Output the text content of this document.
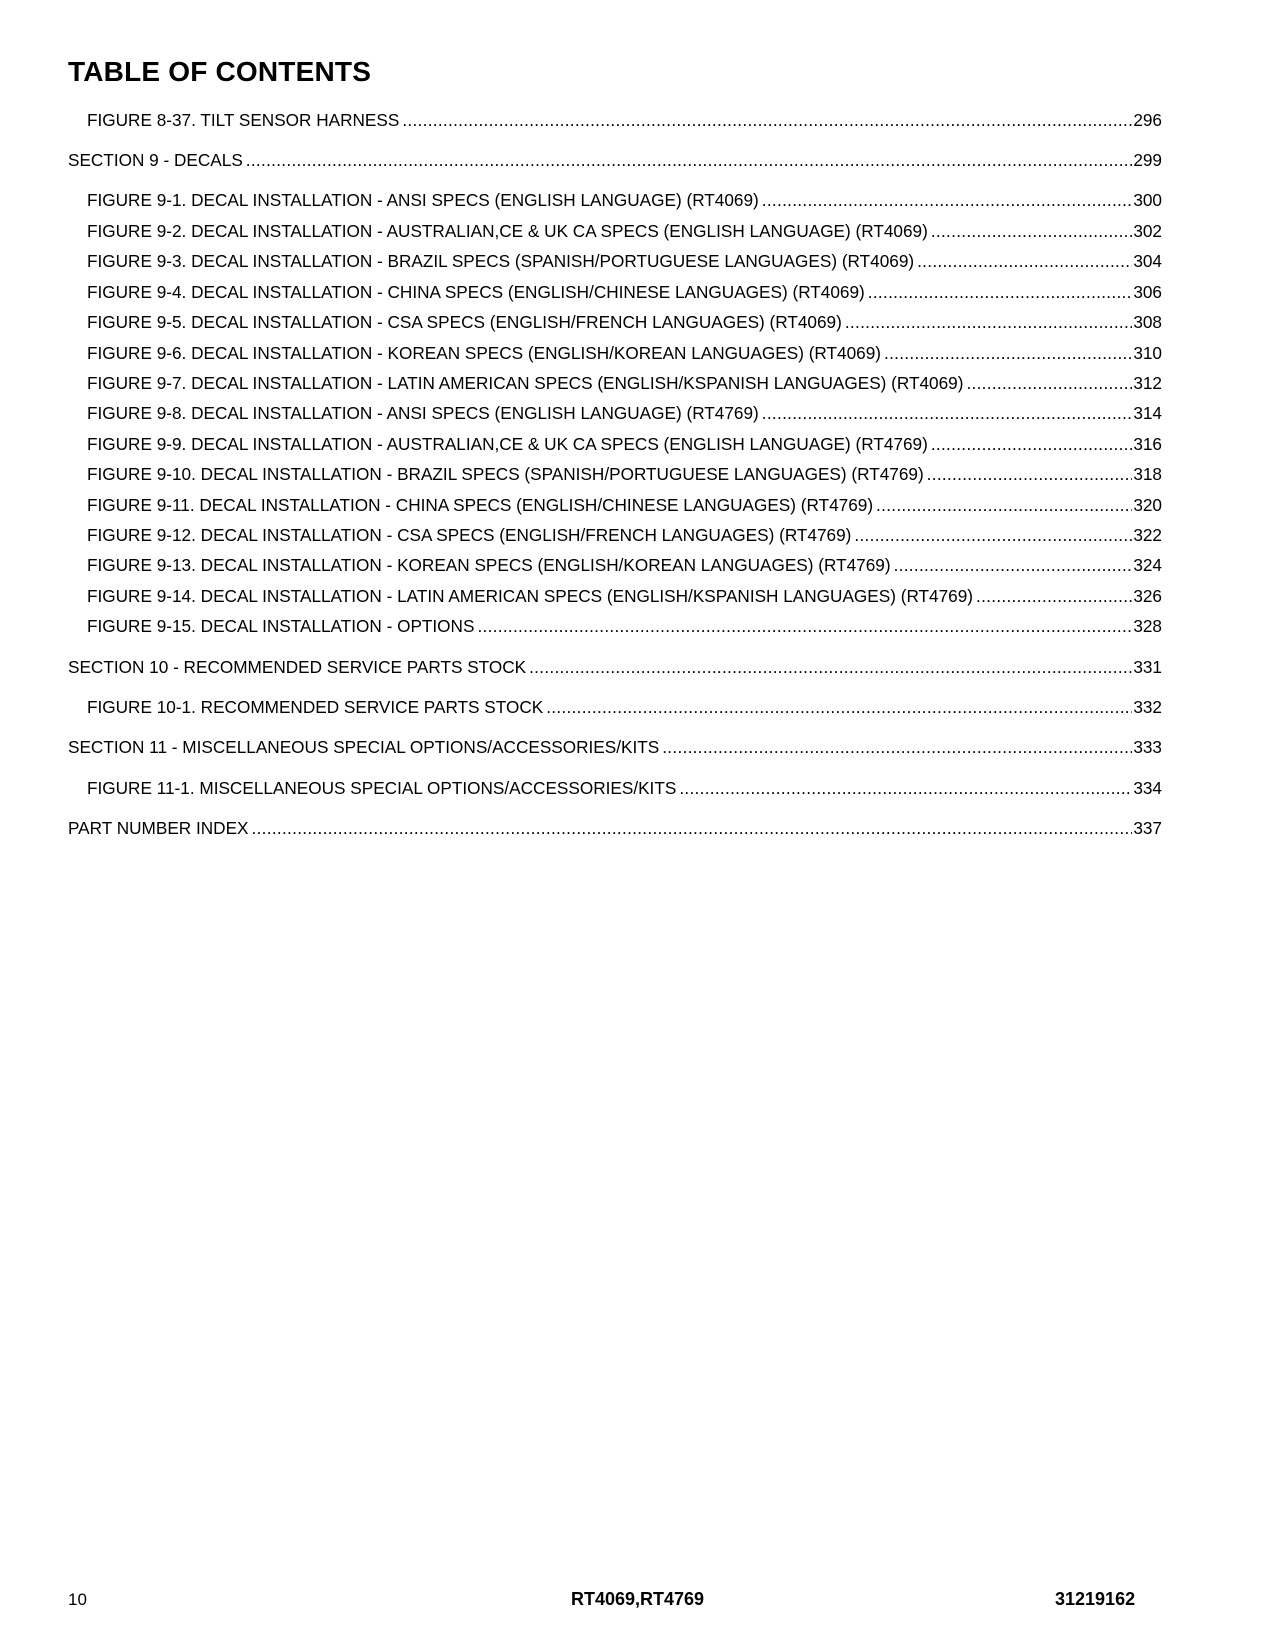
TABLE OF CONTENTS
FIGURE 8-37. TILT SENSOR HARNESS .....	296
SECTION 9 - DECALS .....	299
FIGURE 9-1. DECAL INSTALLATION - ANSI SPECS (ENGLISH LANGUAGE) (RT4069) .....	300
FIGURE 9-2. DECAL INSTALLATION - AUSTRALIAN,CE & UK CA SPECS (ENGLISH LANGUAGE) (RT4069) .....	302
FIGURE 9-3. DECAL INSTALLATION - BRAZIL SPECS (SPANISH/PORTUGUESE LANGUAGES) (RT4069) .....	304
FIGURE 9-4. DECAL INSTALLATION - CHINA SPECS (ENGLISH/CHINESE LANGUAGES) (RT4069) .....	306
FIGURE 9-5. DECAL INSTALLATION - CSA SPECS (ENGLISH/FRENCH LANGUAGES) (RT4069) .....	308
FIGURE 9-6. DECAL INSTALLATION - KOREAN SPECS (ENGLISH/KOREAN LANGUAGES) (RT4069) .....	310
FIGURE 9-7. DECAL INSTALLATION - LATIN AMERICAN SPECS (ENGLISH/KSPANISH LANGUAGES) (RT4069) .....	312
FIGURE 9-8. DECAL INSTALLATION - ANSI SPECS (ENGLISH LANGUAGE) (RT4769) .....	314
FIGURE 9-9. DECAL INSTALLATION - AUSTRALIAN,CE & UK CA SPECS (ENGLISH LANGUAGE) (RT4769) .....	316
FIGURE 9-10. DECAL INSTALLATION - BRAZIL SPECS (SPANISH/PORTUGUESE LANGUAGES) (RT4769) .....	318
FIGURE 9-11. DECAL INSTALLATION - CHINA SPECS (ENGLISH/CHINESE LANGUAGES) (RT4769) .....	320
FIGURE 9-12. DECAL INSTALLATION - CSA SPECS (ENGLISH/FRENCH LANGUAGES) (RT4769) .....	322
FIGURE 9-13. DECAL INSTALLATION - KOREAN SPECS (ENGLISH/KOREAN LANGUAGES) (RT4769) .....	324
FIGURE 9-14. DECAL INSTALLATION - LATIN AMERICAN SPECS (ENGLISH/KSPANISH LANGUAGES) (RT4769) .....	326
FIGURE 9-15. DECAL INSTALLATION - OPTIONS .....	328
SECTION 10 - RECOMMENDED SERVICE PARTS STOCK .....	331
FIGURE 10-1. RECOMMENDED SERVICE PARTS STOCK .....	332
SECTION 11 - MISCELLANEOUS SPECIAL OPTIONS/ACCESSORIES/KITS .....	333
FIGURE 11-1. MISCELLANEOUS SPECIAL OPTIONS/ACCESSORIES/KITS .....	334
PART NUMBER INDEX .....	337
10	RT4069,RT4769	31219162
